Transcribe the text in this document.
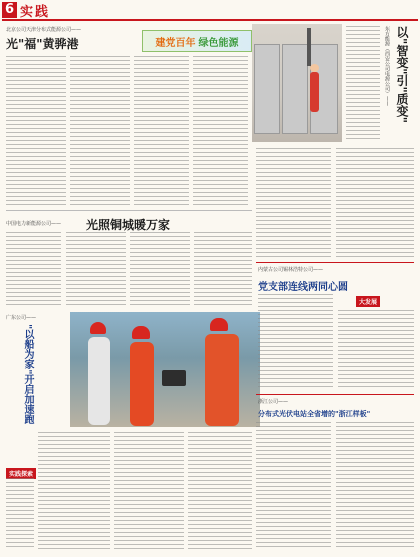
6 实践
北京公司天津分布式能源公司——
光"福"黄骅港	建党百年 绿色能源	以"智变"引"质变"
东方能源（西安公司电源公司）——
中国电力新能源公司—— 光照铜城暖万家
广东公司——
"以船为家"开启加速跑
实践探索
内蒙古公司锡林浩特公司——
党支部连线两同心圆
大发展
浙江公司——
分布式光伏电站全省增的"浙江样板"
